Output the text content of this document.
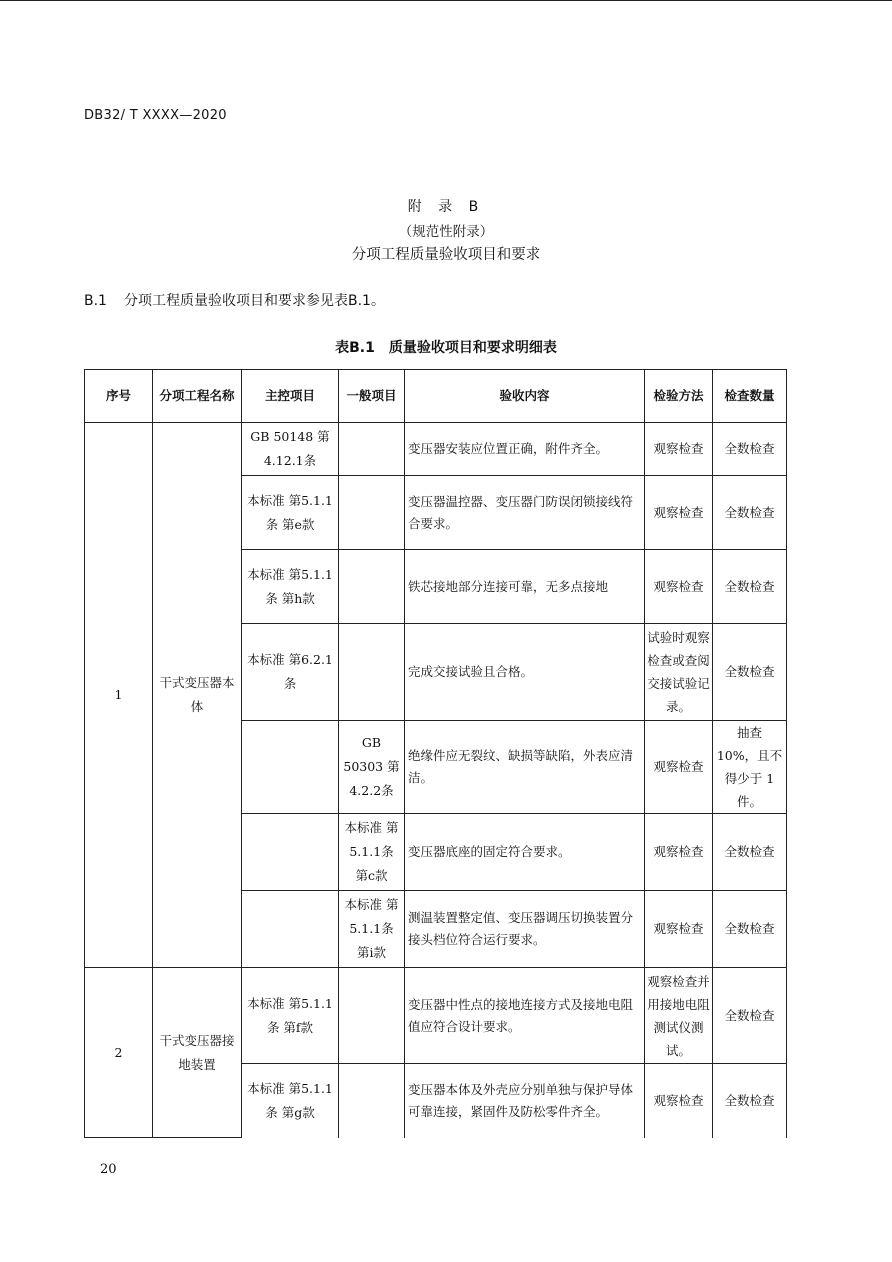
DB32/ T XXXX—2020
附 录 B
（规范性附录）
分项工程质量验收项目和要求
B.1 分项工程质量验收项目和要求参见表B.1。
表B.1　质量验收项目和要求明细表
序号	分项工程名称	主控项目	一般项目	验收内容	检验方法	检查数量
1	干式变压器本体	GB 50148 第4.12.1条		变压器安装应位置正确，附件齐全。	观察检查	全数检查
		本标准 第5.1.1条 第e款		变压器温控器、变压器门防误闭锁接线符合要求。	观察检查	全数检查
		本标准 第5.1.1条 第h款		铁芯接地部分连接可靠，无多点接地	观察检查	全数检查
		本标准 第6.2.1条		完成交接试验且合格。	试验时观察检查或查阅交接试验记录。	全数检查
			GB 50303 第4.2.2条	绝缘件应无裂纹、缺损等缺陷，外表应清洁。	观察检查	抽查 10%，且不得少于 1 件。
			本标准 第5.1.1条 第c款	变压器底座的固定符合要求。	观察检查	全数检查
			本标准 第5.1.1条 第i款	测温装置整定值、变压器调压切换装置分接头档位符合运行要求。	观察检查	全数检查
2	干式变压器接地装置	本标准 第5.1.1条 第f款		变压器中性点的接地连接方式及接地电阻值应符合设计要求。	观察检查并用接地电阻测试仪测试。	全数检查
		本标准 第5.1.1条 第g款		变压器本体及外壳应分别单独与保护导体可靠连接，紧固件及防松零件齐全。	观察检查	全数检查
20
